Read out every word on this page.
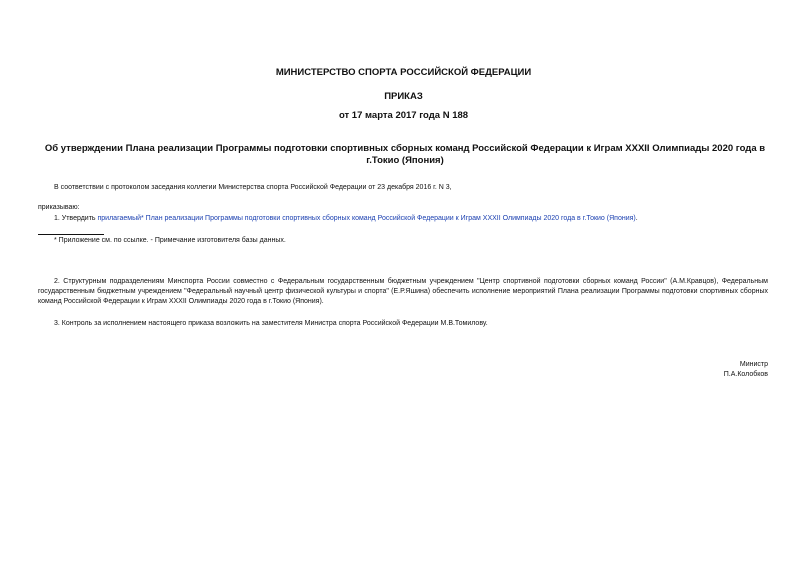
МИНИСТЕРСТВО СПОРТА РОССИЙСКОЙ ФЕДЕРАЦИИ
ПРИКАЗ
от 17 марта 2017 года N 188
Об утверждении Плана реализации Программы подготовки спортивных сборных команд Российской Федерации к Играм XXXII Олимпиады 2020 года в г.Токио (Япония)
В соответствии с протоколом заседания коллегии Министерства спорта Российской Федерации от 23 декабря 2016 г. N 3,
приказываю:
1. Утвердить прилагаемый* План реализации Программы подготовки спортивных сборных команд Российской Федерации к Играм XXXII Олимпиады 2020 года в г.Токио (Япония).
* Приложение см. по ссылке. - Примечание изготовителя базы данных.
2. Структурным подразделениям Минспорта России совместно с Федеральным государственным бюджетным учреждением "Центр спортивной подготовки сборных команд России" (А.М.Кравцов), Федеральным государственным бюджетным учреждением "Федеральный научный центр физической культуры и спорта" (Е.Р.Яшина) обеспечить исполнение мероприятий Плана реализации Программы подготовки спортивных сборных команд Российской Федерации к Играм XXXII Олимпиады 2020 года в г.Токио (Япония).
3. Контроль за исполнением настоящего приказа возложить на заместителя Министра спорта Российской Федерации М.В.Томилову.
Министр
П.А.Колобков
